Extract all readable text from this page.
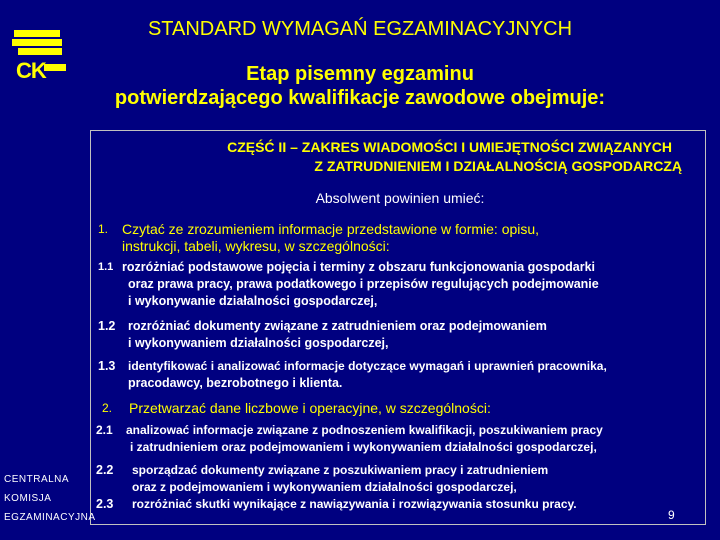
CK
STANDARD WYMAGAŃ EGZAMINACYJNYCH
Etap pisemny egzaminu
potwierdzającego kwalifikacje zawodowe obejmuje:
CZĘŚĆ II – ZAKRES WIADOMOŚCI I UMIEJĘTNOŚCI ZWIĄZANYCH
Z ZATRUDNIENIEM I DZIAŁALNOŚCIĄ GOSPODARCZĄ
Absolwent powinien umieć:
1. Czytać ze zrozumieniem informacje przedstawione w formie: opisu,
instrukcji, tabeli, wykresu, w szczególności:
1.1 rozróżniać podstawowe pojęcia i terminy z obszaru funkcjonowania gospodarki
oraz prawa pracy, prawa podatkowego i przepisów regulujących podejmowanie
i wykonywanie działalności gospodarczej,
1.2 rozróżniać dokumenty związane z zatrudnieniem oraz podejmowaniem
i wykonywaniem działalności gospodarczej,
1.3 identyfikować i analizować informacje dotyczące wymagań i uprawnień pracownika,
pracodawcy, bezrobotnego i klienta.
2. Przetwarzać dane liczbowe i operacyjne, w szczególności:
2.1 analizować informacje związane z podnoszeniem kwalifikacji, poszukiwaniem pracy
i zatrudnieniem oraz podejmowaniem i wykonywaniem działalności gospodarczej,
2.2 sporządzać dokumenty związane z poszukiwaniem pracy i zatrudnieniem
oraz z podejmowaniem i wykonywaniem działalności gospodarczej,
2.3 rozróżniać skutki wynikające z nawiązywania i rozwiązywania stosunku pracy.
CENTRALNA
KOMISJA
EGZAMINACYJNA	9
